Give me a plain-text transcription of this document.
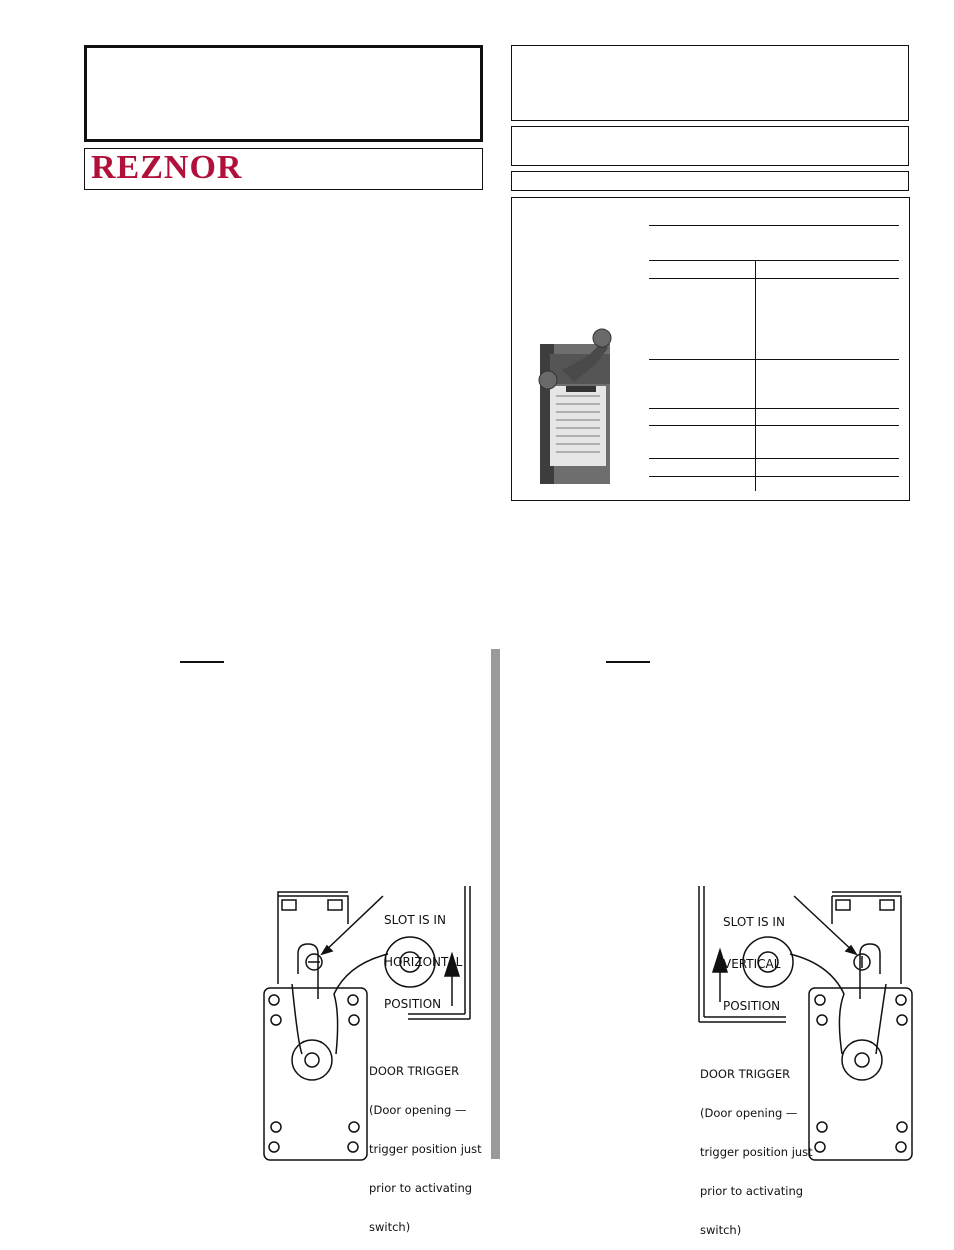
REZNOR

SLOT IS IN

HORIZONTAL

POSITION

DOOR TRIGGER

(Door opening —

trigger position just

prior to activating

switch)

SLOT IS IN

VERTICAL

POSITION

DOOR TRIGGER

(Door opening —

trigger position just

prior to activating

switch)
